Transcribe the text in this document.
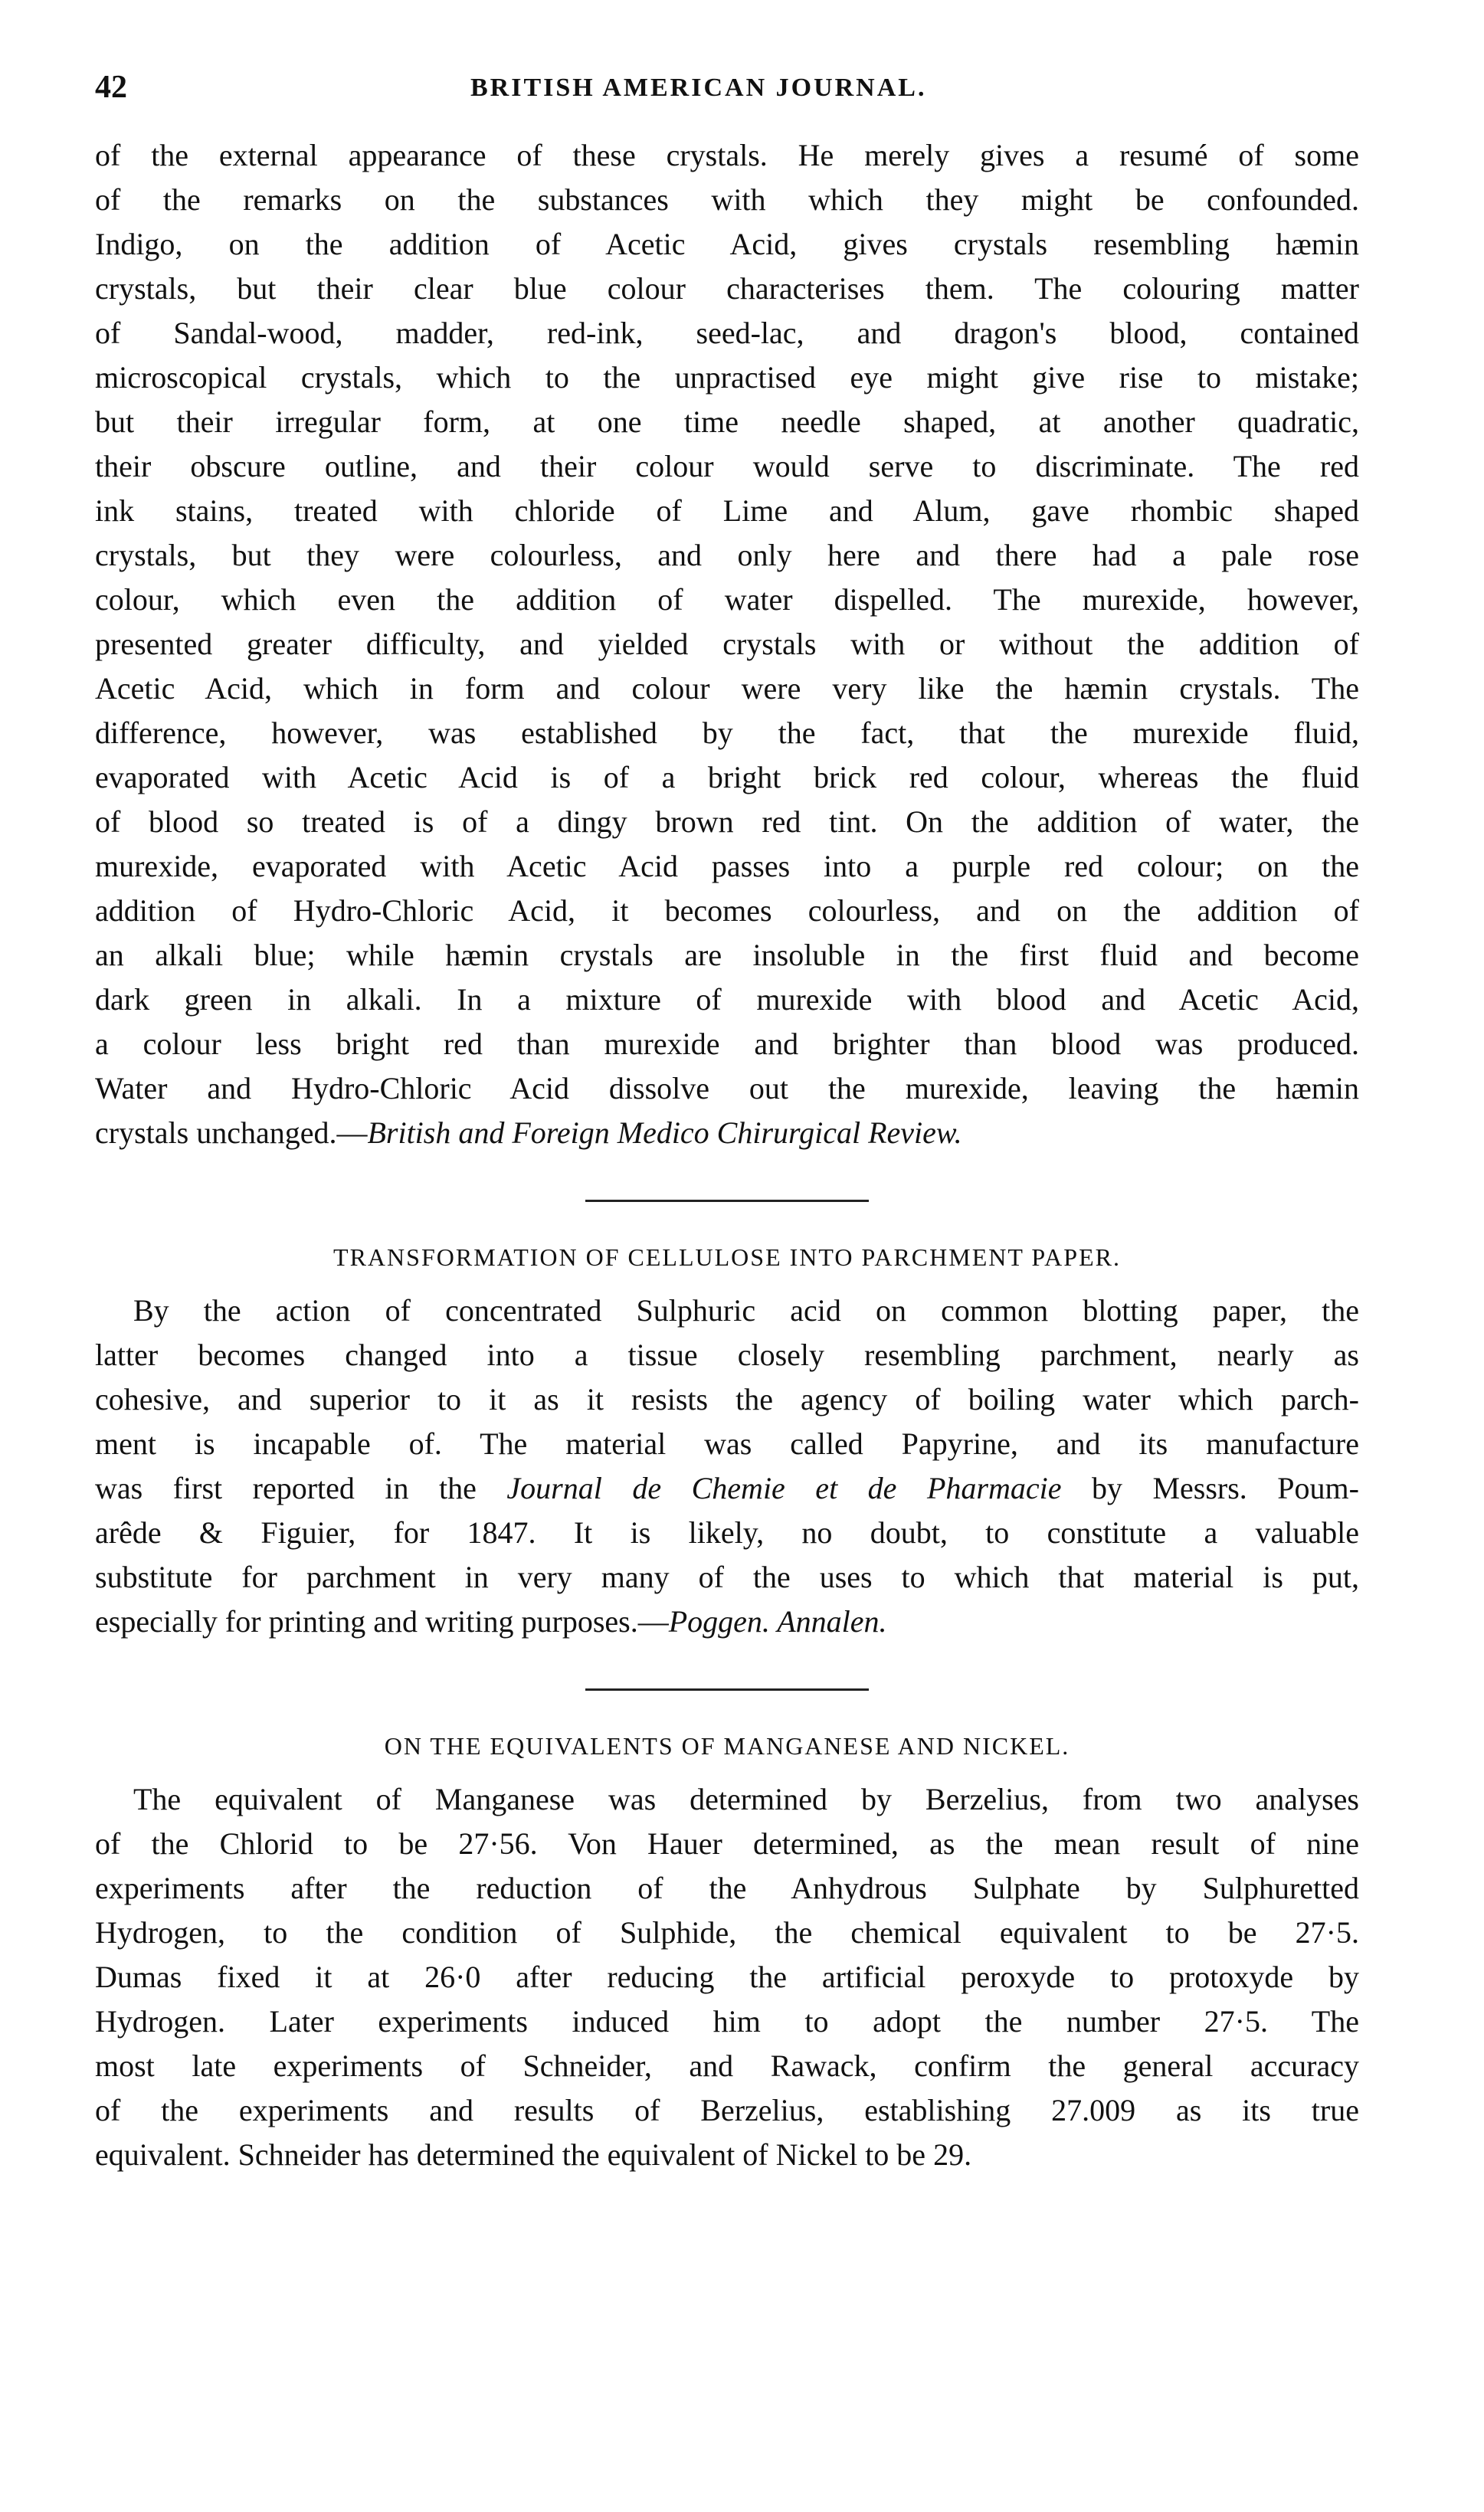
42	BRITISH AMERICAN JOURNAL.
of the external appearance of these crystals. He merely gives a resumé of some
of the remarks on the substances with which they might be confounded.
Indigo, on the addition of Acetic Acid, gives crystals resembling hæmin
crystals, but their clear blue colour characterises them. The colouring matter
of Sandal-wood, madder, red-ink, seed-lac, and dragon's blood, contained
microscopical crystals, which to the unpractised eye might give rise to mistake;
but their irregular form, at one time needle shaped, at another quadratic,
their obscure outline, and their colour would serve to discriminate. The red
ink stains, treated with chloride of Lime and Alum, gave rhombic shaped
crystals, but they were colourless, and only here and there had a pale rose
colour, which even the addition of water dispelled. The murexide, however,
presented greater difficulty, and yielded crystals with or without the addition of
Acetic Acid, which in form and colour were very like the hæmin crystals. The
difference, however, was established by the fact, that the murexide fluid,
evaporated with Acetic Acid is of a bright brick red colour, whereas the fluid
of blood so treated is of a dingy brown red tint. On the addition of water, the
murexide, evaporated with Acetic Acid passes into a purple red colour; on the
addition of Hydro-Chloric Acid, it becomes colourless, and on the addition of
an alkali blue; while hæmin crystals are insoluble in the first fluid and become
dark green in alkali. In a mixture of murexide with blood and Acetic Acid,
a colour less bright red than murexide and brighter than blood was produced.
Water and Hydro-Chloric Acid dissolve out the murexide, leaving the hæmin
crystals unchanged.—British and Foreign Medico Chirurgical Review.
TRANSFORMATION OF CELLULOSE INTO PARCHMENT PAPER.
By the action of concentrated Sulphuric acid on common blotting paper, the
latter becomes changed into a tissue closely resembling parchment, nearly as
cohesive, and superior to it as it resists the agency of boiling water which parch-
ment is incapable of. The material was called Papyrine, and its manufacture
was first reported in the Journal de Chemie et de Pharmacie by Messrs. Poum-
arêde & Figuier, for 1847. It is likely, no doubt, to constitute a valuable
substitute for parchment in very many of the uses to which that material is put,
especially for printing and writing purposes.—Poggen. Annalen.
ON THE EQUIVALENTS OF MANGANESE AND NICKEL.
The equivalent of Manganese was determined by Berzelius, from two analyses
of the Chlorid to be 27·56. Von Hauer determined, as the mean result of nine
experiments after the reduction of the Anhydrous Sulphate by Sulphuretted
Hydrogen, to the condition of Sulphide, the chemical equivalent to be 27·5.
Dumas fixed it at 26·0 after reducing the artificial peroxyde to protoxyde by
Hydrogen. Later experiments induced him to adopt the number 27·5. The
most late experiments of Schneider, and Rawack, confirm the general accuracy
of the experiments and results of Berzelius, establishing 27.009 as its true
equivalent. Schneider has determined the equivalent of Nickel to be 29.
